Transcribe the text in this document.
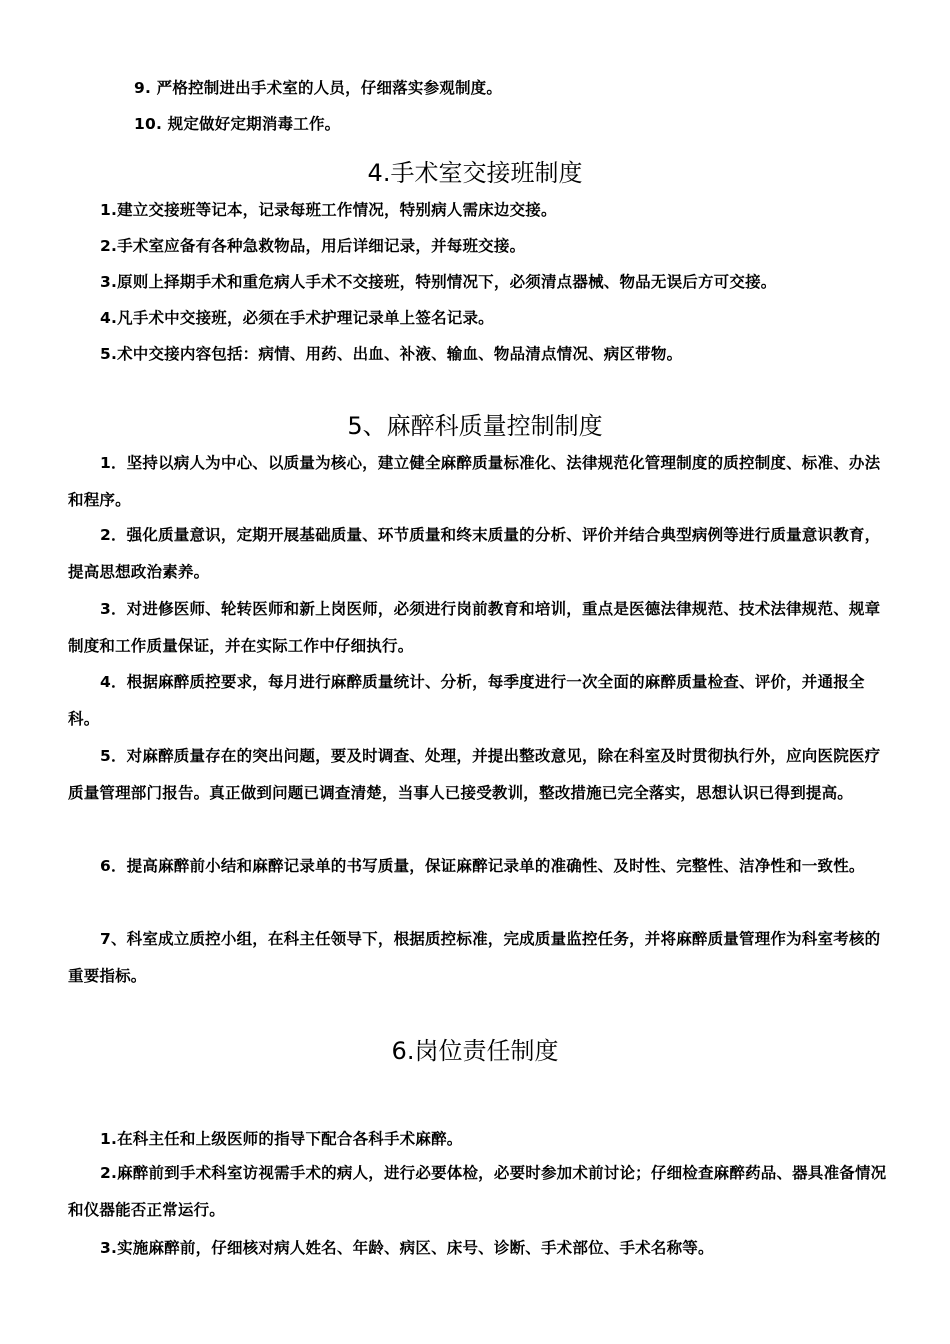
9. 严格控制进出手术室的人员，仔细落实参观制度。
10. 规定做好定期消毒工作。
4.手术室交接班制度
1.建立交接班等记本，记录每班工作情况，特别病人需床边交接。
2.手术室应备有各种急救物品，用后详细记录，并每班交接。
3.原则上择期手术和重危病人手术不交接班，特别情况下，必须清点器械、物品无误后方可交接。
4.凡手术中交接班，必须在手术护理记录单上签名记录。
5.术中交接内容包括：病情、用药、出血、补液、输血、物品清点情况、病区带物。
5、麻醉科质量控制制度

1．坚持以病人为中心、以质量为核心，建立健全麻醉质量标准化、法律规范化管理制度的质控制度、标准、办法和程序。

2．强化质量意识，定期开展基础质量、环节质量和终末质量的分析、评价并结合典型病例等进行质量意识教育，提高思想政治素养。

3．对进修医师、轮转医师和新上岗医师，必须进行岗前教育和培训，重点是医德法律规范、技术法律规范、规章制度和工作质量保证，并在实际工作中仔细执行。

4．根据麻醉质控要求，每月进行麻醉质量统计、分析，每季度进行一次全面的麻醉质量检查、评价，并通报全科。

5．对麻醉质量存在的突出问题，要及时调查、处理，并提出整改意见，除在科室及时贯彻执行外，应向医院医疗质量管理部门报告。真正做到问题已调查清楚，当事人已接受教训，整改措施已完全落实，思想认识已得到提高。

6．提高麻醉前小结和麻醉记录单的书写质量，保证麻醉记录单的准确性、及时性、完整性、洁净性和一致性。

7、科室成立质控小组，在科主任领导下，根据质控标准，完成质量监控任务，并将麻醉质量管理作为科室考核的重要指标。

6.岗位责任制度
1.在科主任和上级医师的指导下配合各科手术麻醉。

2.麻醉前到手术科室访视需手术的病人，进行必要体检，必要时参加术前讨论；仔细检查麻醉药品、器具准备情况和仪器能否正常运行。

3.实施麻醉前，仔细核对病人姓名、年龄、病区、床号、诊断、手术部位、手术名称等。
